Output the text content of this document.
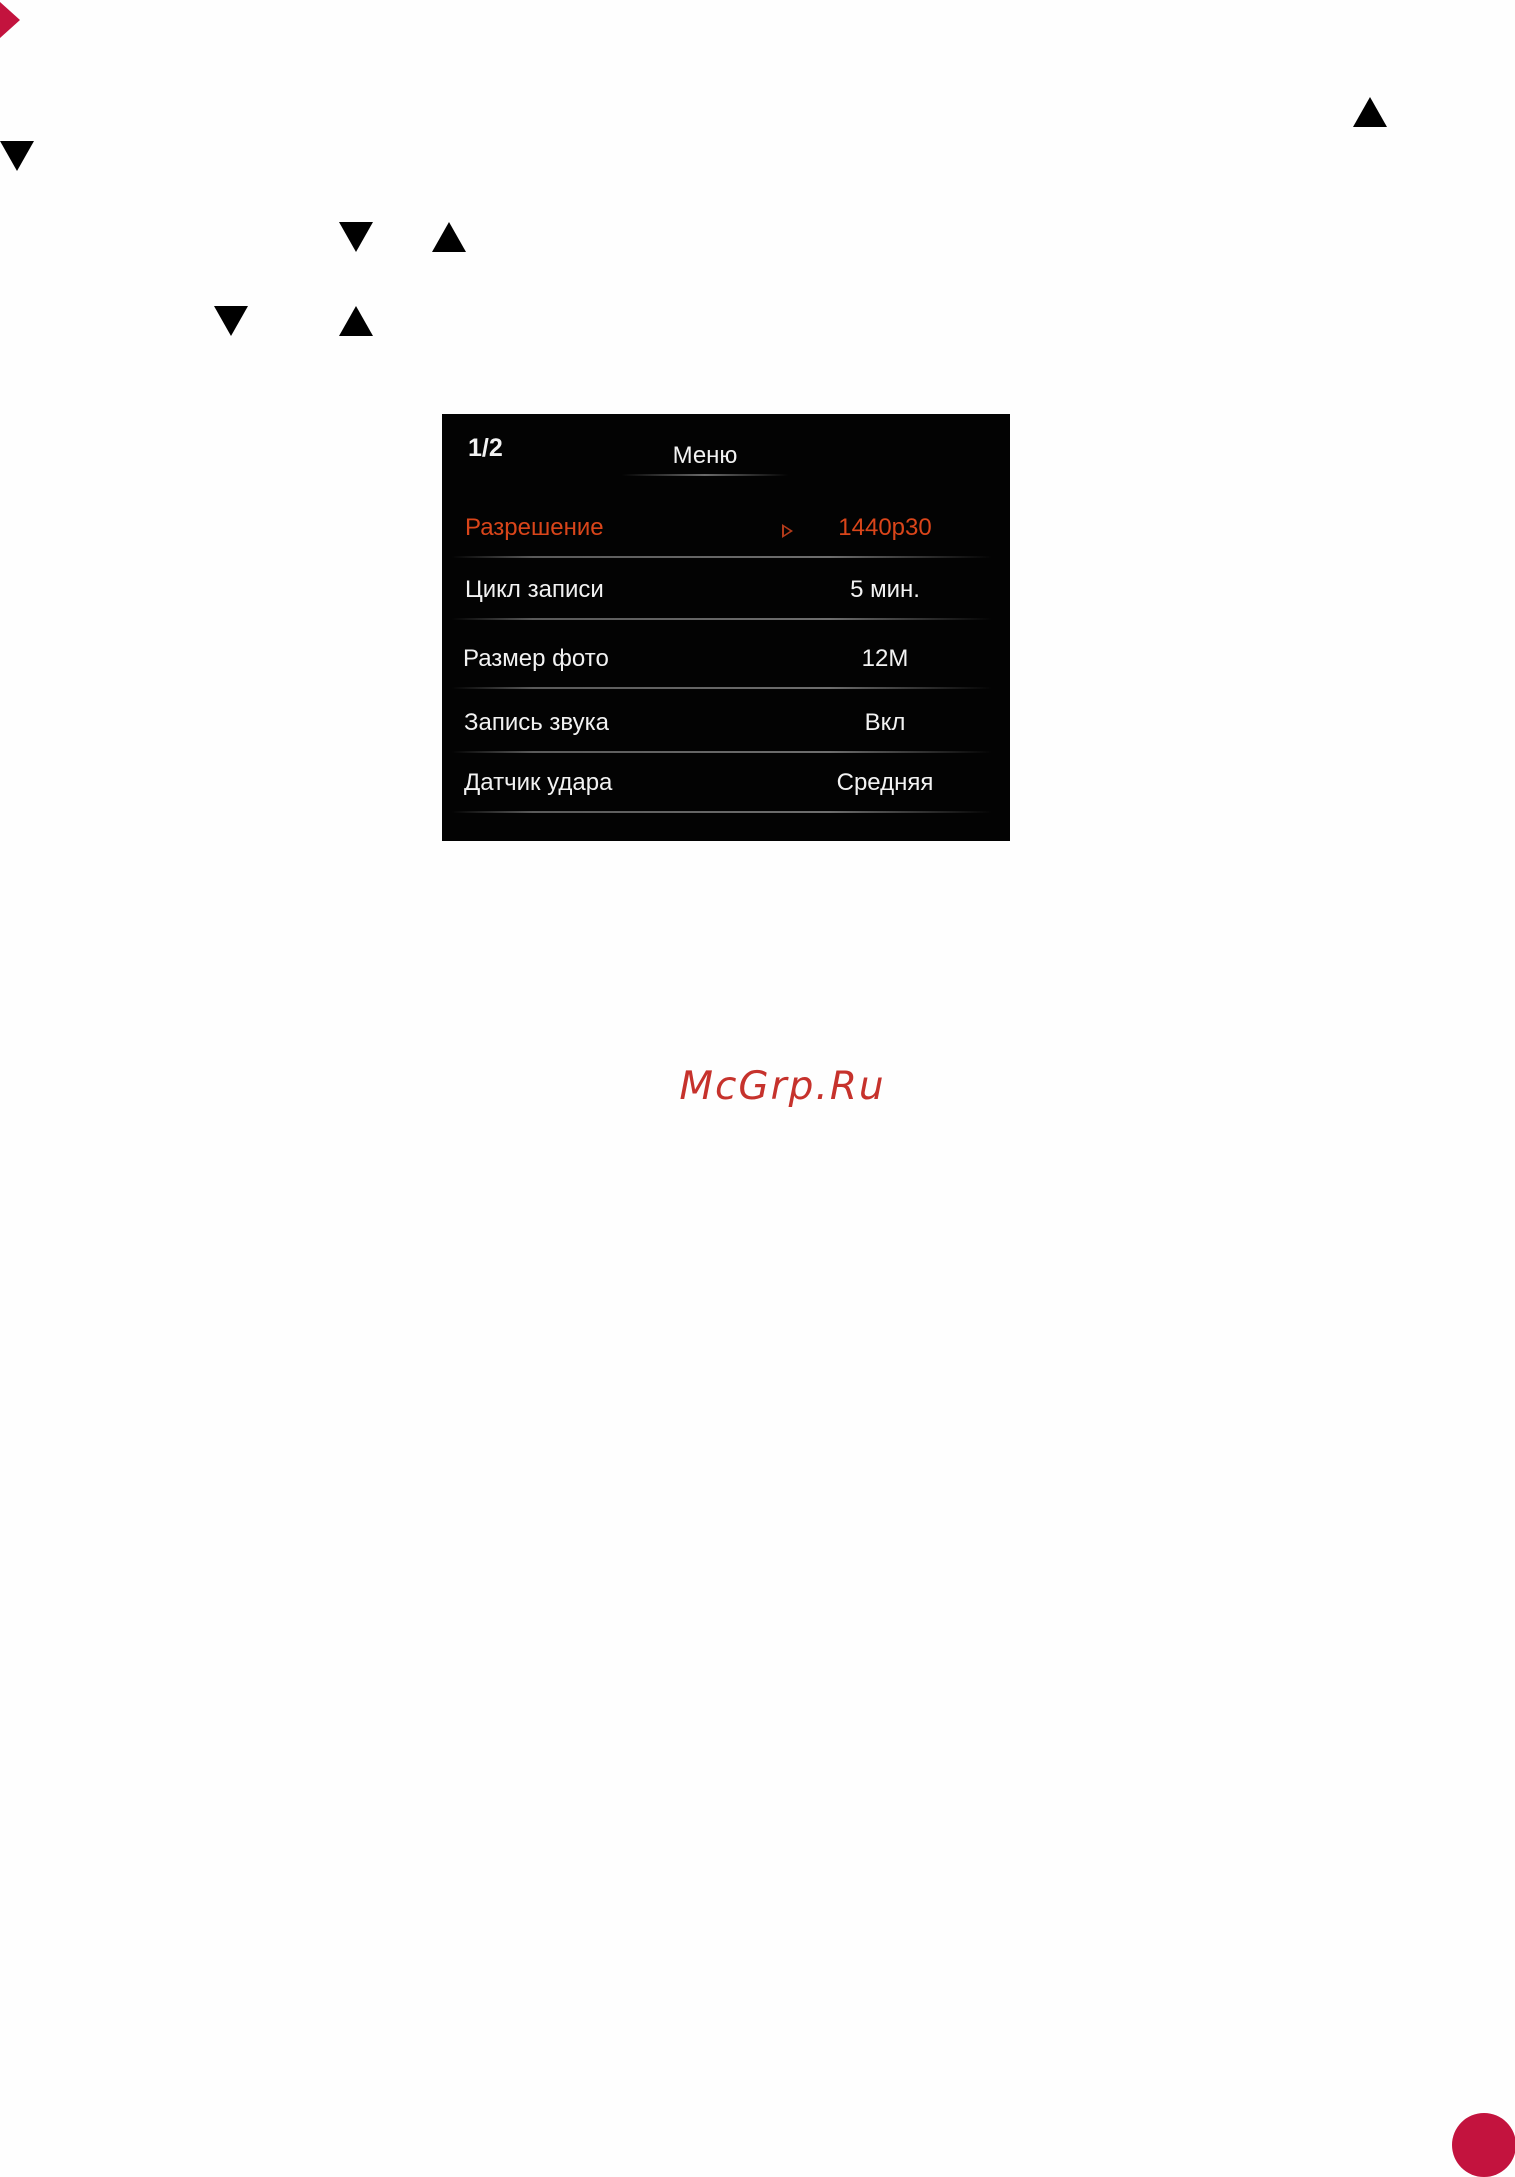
1/2	Меню
Разрешение	1440p30
Цикл записи	5 мин.
Размер фото	12M
Запись звука	Вкл
Датчик удара	Средняя
McGrp.Ru
